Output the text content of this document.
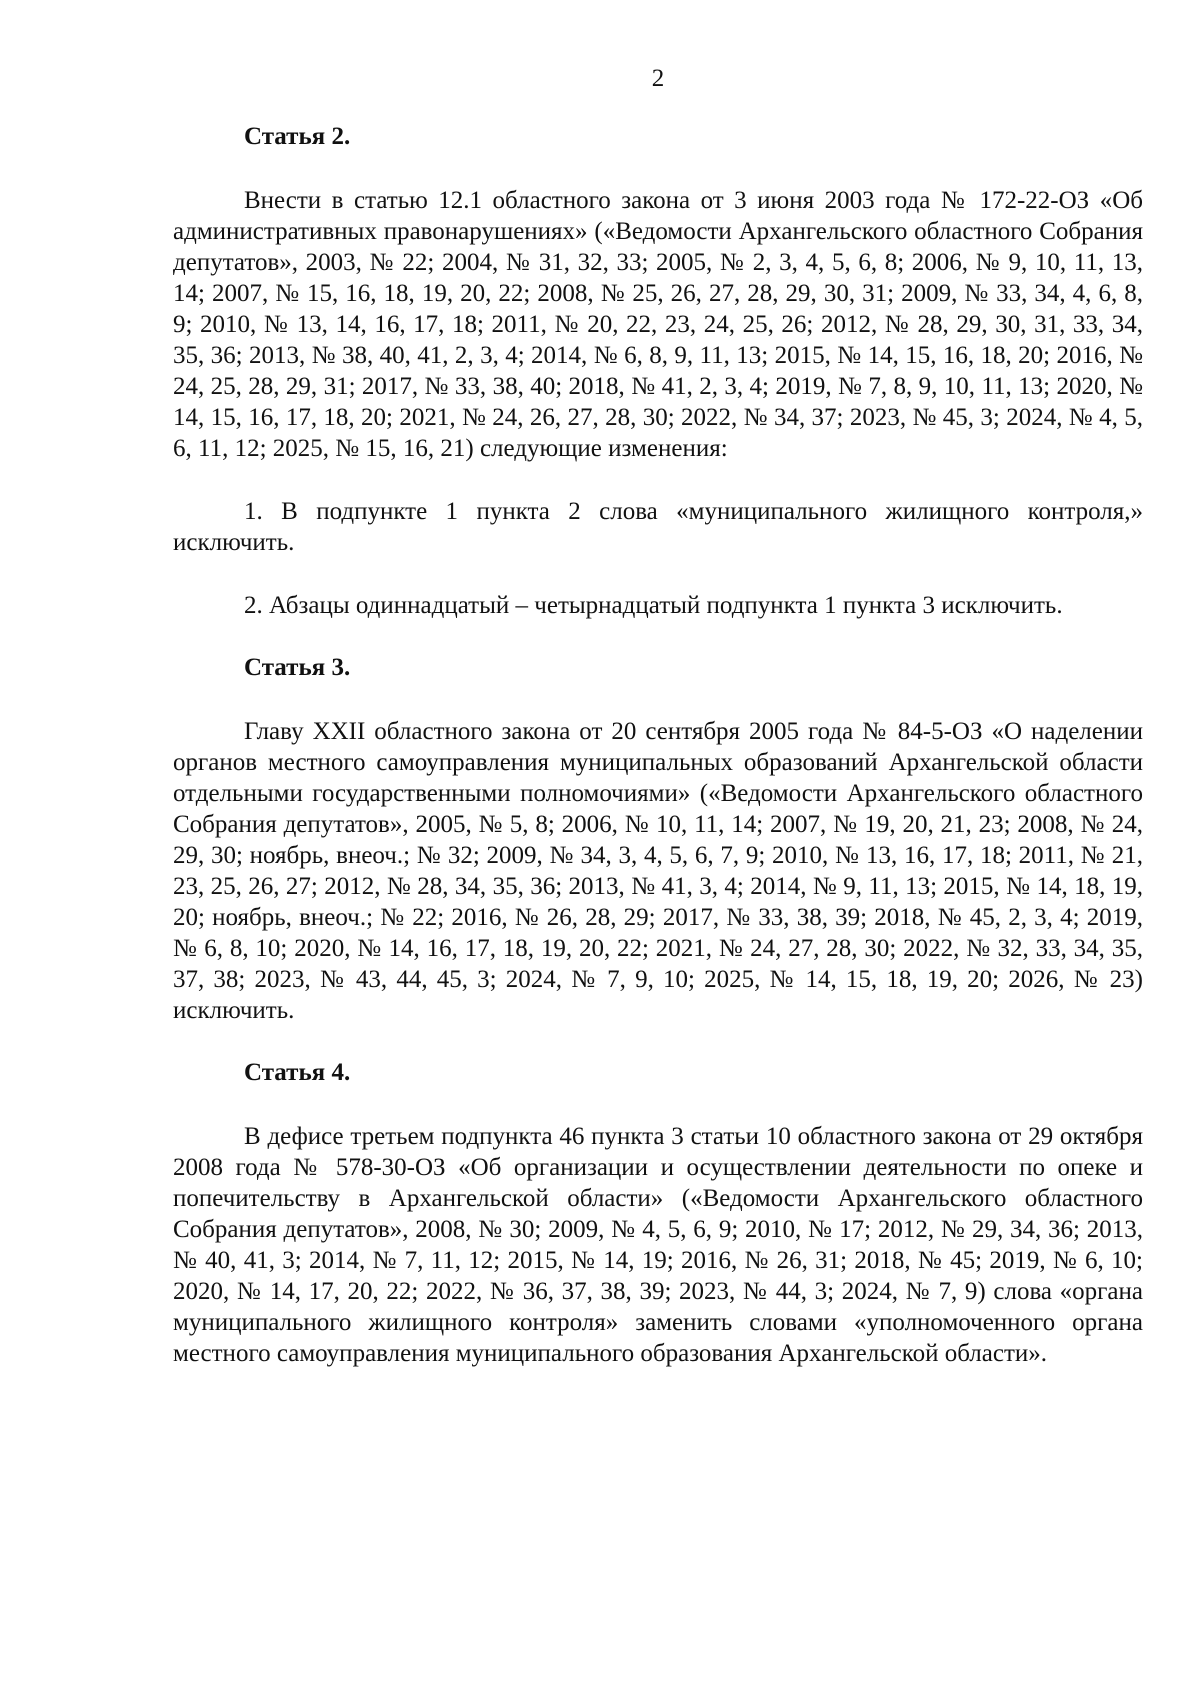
2

Статья 2.

Внести в статью 12.1 областного закона от 3 июня 2003 года № 172-22-ОЗ «Об административных правонарушениях» («Ведомости Архангельского областного Собрания депутатов», 2003, № 22; 2004, № 31, 32, 33; 2005, № 2, 3, 4, 5, 6, 8; 2006, № 9, 10, 11, 13, 14; 2007, № 15, 16, 18, 19, 20, 22; 2008, № 25, 26, 27, 28, 29, 30, 31; 2009, № 33, 34, 4, 6, 8, 9; 2010, № 13, 14, 16, 17, 18; 2011, № 20, 22, 23, 24, 25, 26; 2012, № 28, 29, 30, 31, 33, 34, 35, 36; 2013, № 38, 40, 41, 2, 3, 4; 2014, № 6, 8, 9, 11, 13; 2015, № 14, 15, 16, 18, 20; 2016, № 24, 25, 28, 29, 31; 2017, № 33, 38, 40; 2018, № 41, 2, 3, 4; 2019, № 7, 8, 9, 10, 11, 13; 2020, № 14, 15, 16, 17, 18, 20; 2021, № 24, 26, 27, 28, 30; 2022, № 34, 37; 2023, № 45, 3; 2024, № 4, 5, 6, 11, 12; 2025, № 15, 16, 21) следующие изменения:

1. В подпункте 1 пункта 2 слова «муниципального жилищного контроля,» исключить.

2. Абзацы одиннадцатый – четырнадцатый подпункта 1 пункта 3 исключить.

Статья 3.

Главу XXII областного закона от 20 сентября 2005 года № 84-5-ОЗ «О наделении органов местного самоуправления муниципальных образований Архангельской области отдельными государственными полномочиями» («Ведомости Архангельского областного Собрания депутатов», 2005, № 5, 8; 2006, № 10, 11, 14; 2007, № 19, 20, 21, 23; 2008, № 24, 29, 30; ноябрь, внеоч.; № 32; 2009, № 34, 3, 4, 5, 6, 7, 9; 2010, № 13, 16, 17, 18; 2011, № 21, 23, 25, 26, 27; 2012, № 28, 34, 35, 36; 2013, № 41, 3, 4; 2014, № 9, 11, 13; 2015, № 14, 18, 19, 20; ноябрь, внеоч.; № 22; 2016, № 26, 28, 29; 2017, № 33, 38, 39; 2018, № 45, 2, 3, 4; 2019, № 6, 8, 10; 2020, № 14, 16, 17, 18, 19, 20, 22; 2021, № 24, 27, 28, 30; 2022, № 32, 33, 34, 35, 37, 38; 2023, № 43, 44, 45, 3; 2024, № 7, 9, 10; 2025, № 14, 15, 18, 19, 20; 2026, № 23) исключить.

Статья 4.

В дефисе третьем подпункта 46 пункта 3 статьи 10 областного закона от 29 октября 2008 года № 578-30-ОЗ «Об организации и осуществлении деятельности по опеке и попечительству в Архангельской области» («Ведомости Архангельского областного Собрания депутатов», 2008, № 30; 2009, № 4, 5, 6, 9; 2010, № 17; 2012, № 29, 34, 36; 2013, № 40, 41, 3; 2014, № 7, 11, 12; 2015, № 14, 19; 2016, № 26, 31; 2018, № 45; 2019, № 6, 10; 2020, № 14, 17, 20, 22; 2022, № 36, 37, 38, 39; 2023, № 44, 3; 2024, № 7, 9) слова «органа муниципального жилищного контроля» заменить словами «уполномоченного органа местного самоуправления муниципального образования Архангельской области».
